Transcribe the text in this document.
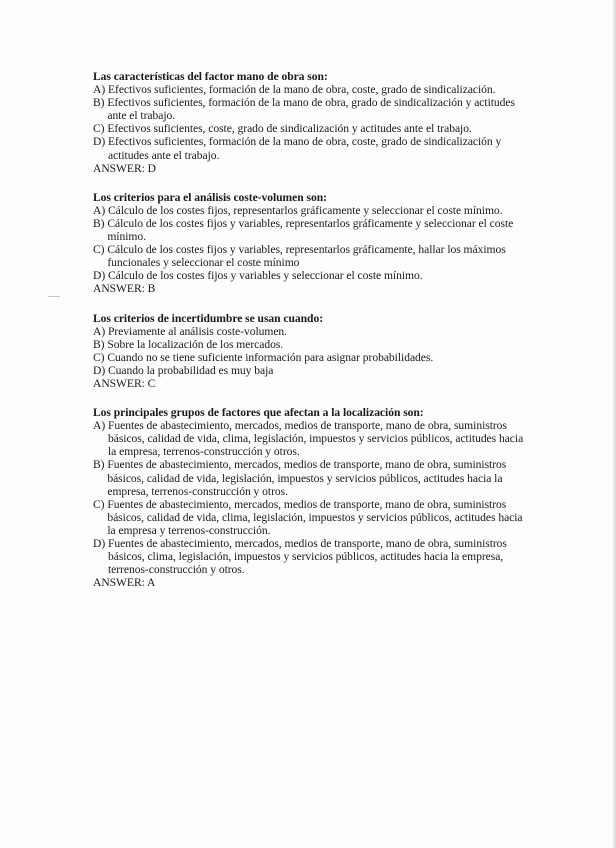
Las características del factor mano de obra son:

A) Efectivos suficientes, formación de la mano de obra, coste, grado de sindicalización.

B) Efectivos suficientes, formación de la mano de obra, grado de sindicalización y actitudes ante el trabajo.

C) Efectivos suficientes, coste, grado de sindicalización y actitudes ante el trabajo.

D) Efectivos suficientes, formación de la mano de obra, coste, grado de sindicalización y actitudes ante el trabajo.

ANSWER: D

Los criterios para el análisis coste-volumen son:

A) Cálculo de los costes fijos, representarlos gráficamente y seleccionar el coste mínimo.

B) Cálculo de los costes fijos y variables, representarlos gráficamente y seleccionar el coste mínimo.

C) Cálculo de los costes fijos y variables, representarlos gráficamente, hallar los máximos funcionales y seleccionar el coste mínimo

D) Cálculo de los costes fijos y variables y seleccionar el coste mínimo.

ANSWER: B

Los criterios de incertidumbre se usan cuando:

A) Previamente al análisis coste-volumen.

B) Sobre la localización de los mercados.

C) Cuando no se tiene suficiente información para asignar probabilidades.

D) Cuando la probabilidad es muy baja

ANSWER: C

Los principales grupos de factores que afectan a la localización son:

A) Fuentes de abastecimiento, mercados, medios de transporte, mano de obra, suministros básicos, calidad de vida, clima, legislación, impuestos y servicios públicos, actitudes hacia la empresa, terrenos-construcción y otros.

B) Fuentes de abastecimiento, mercados, medios de transporte, mano de obra, suministros básicos, calidad de vida, legislación, impuestos y servicios públicos, actitudes hacia la empresa, terrenos-construcción y otros.

C) Fuentes de abastecimiento, mercados, medios de transporte, mano de obra, suministros básicos, calidad de vida, clima, legislación, impuestos y servicios públicos, actitudes hacia la empresa y terrenos-construcción.

D) Fuentes de abastecimiento, mercados, medios de transporte, mano de obra, suministros básicos, clima, legislación, impuestos y servicios públicos, actitudes hacia la empresa, terrenos-construcción y otros.

ANSWER: A
